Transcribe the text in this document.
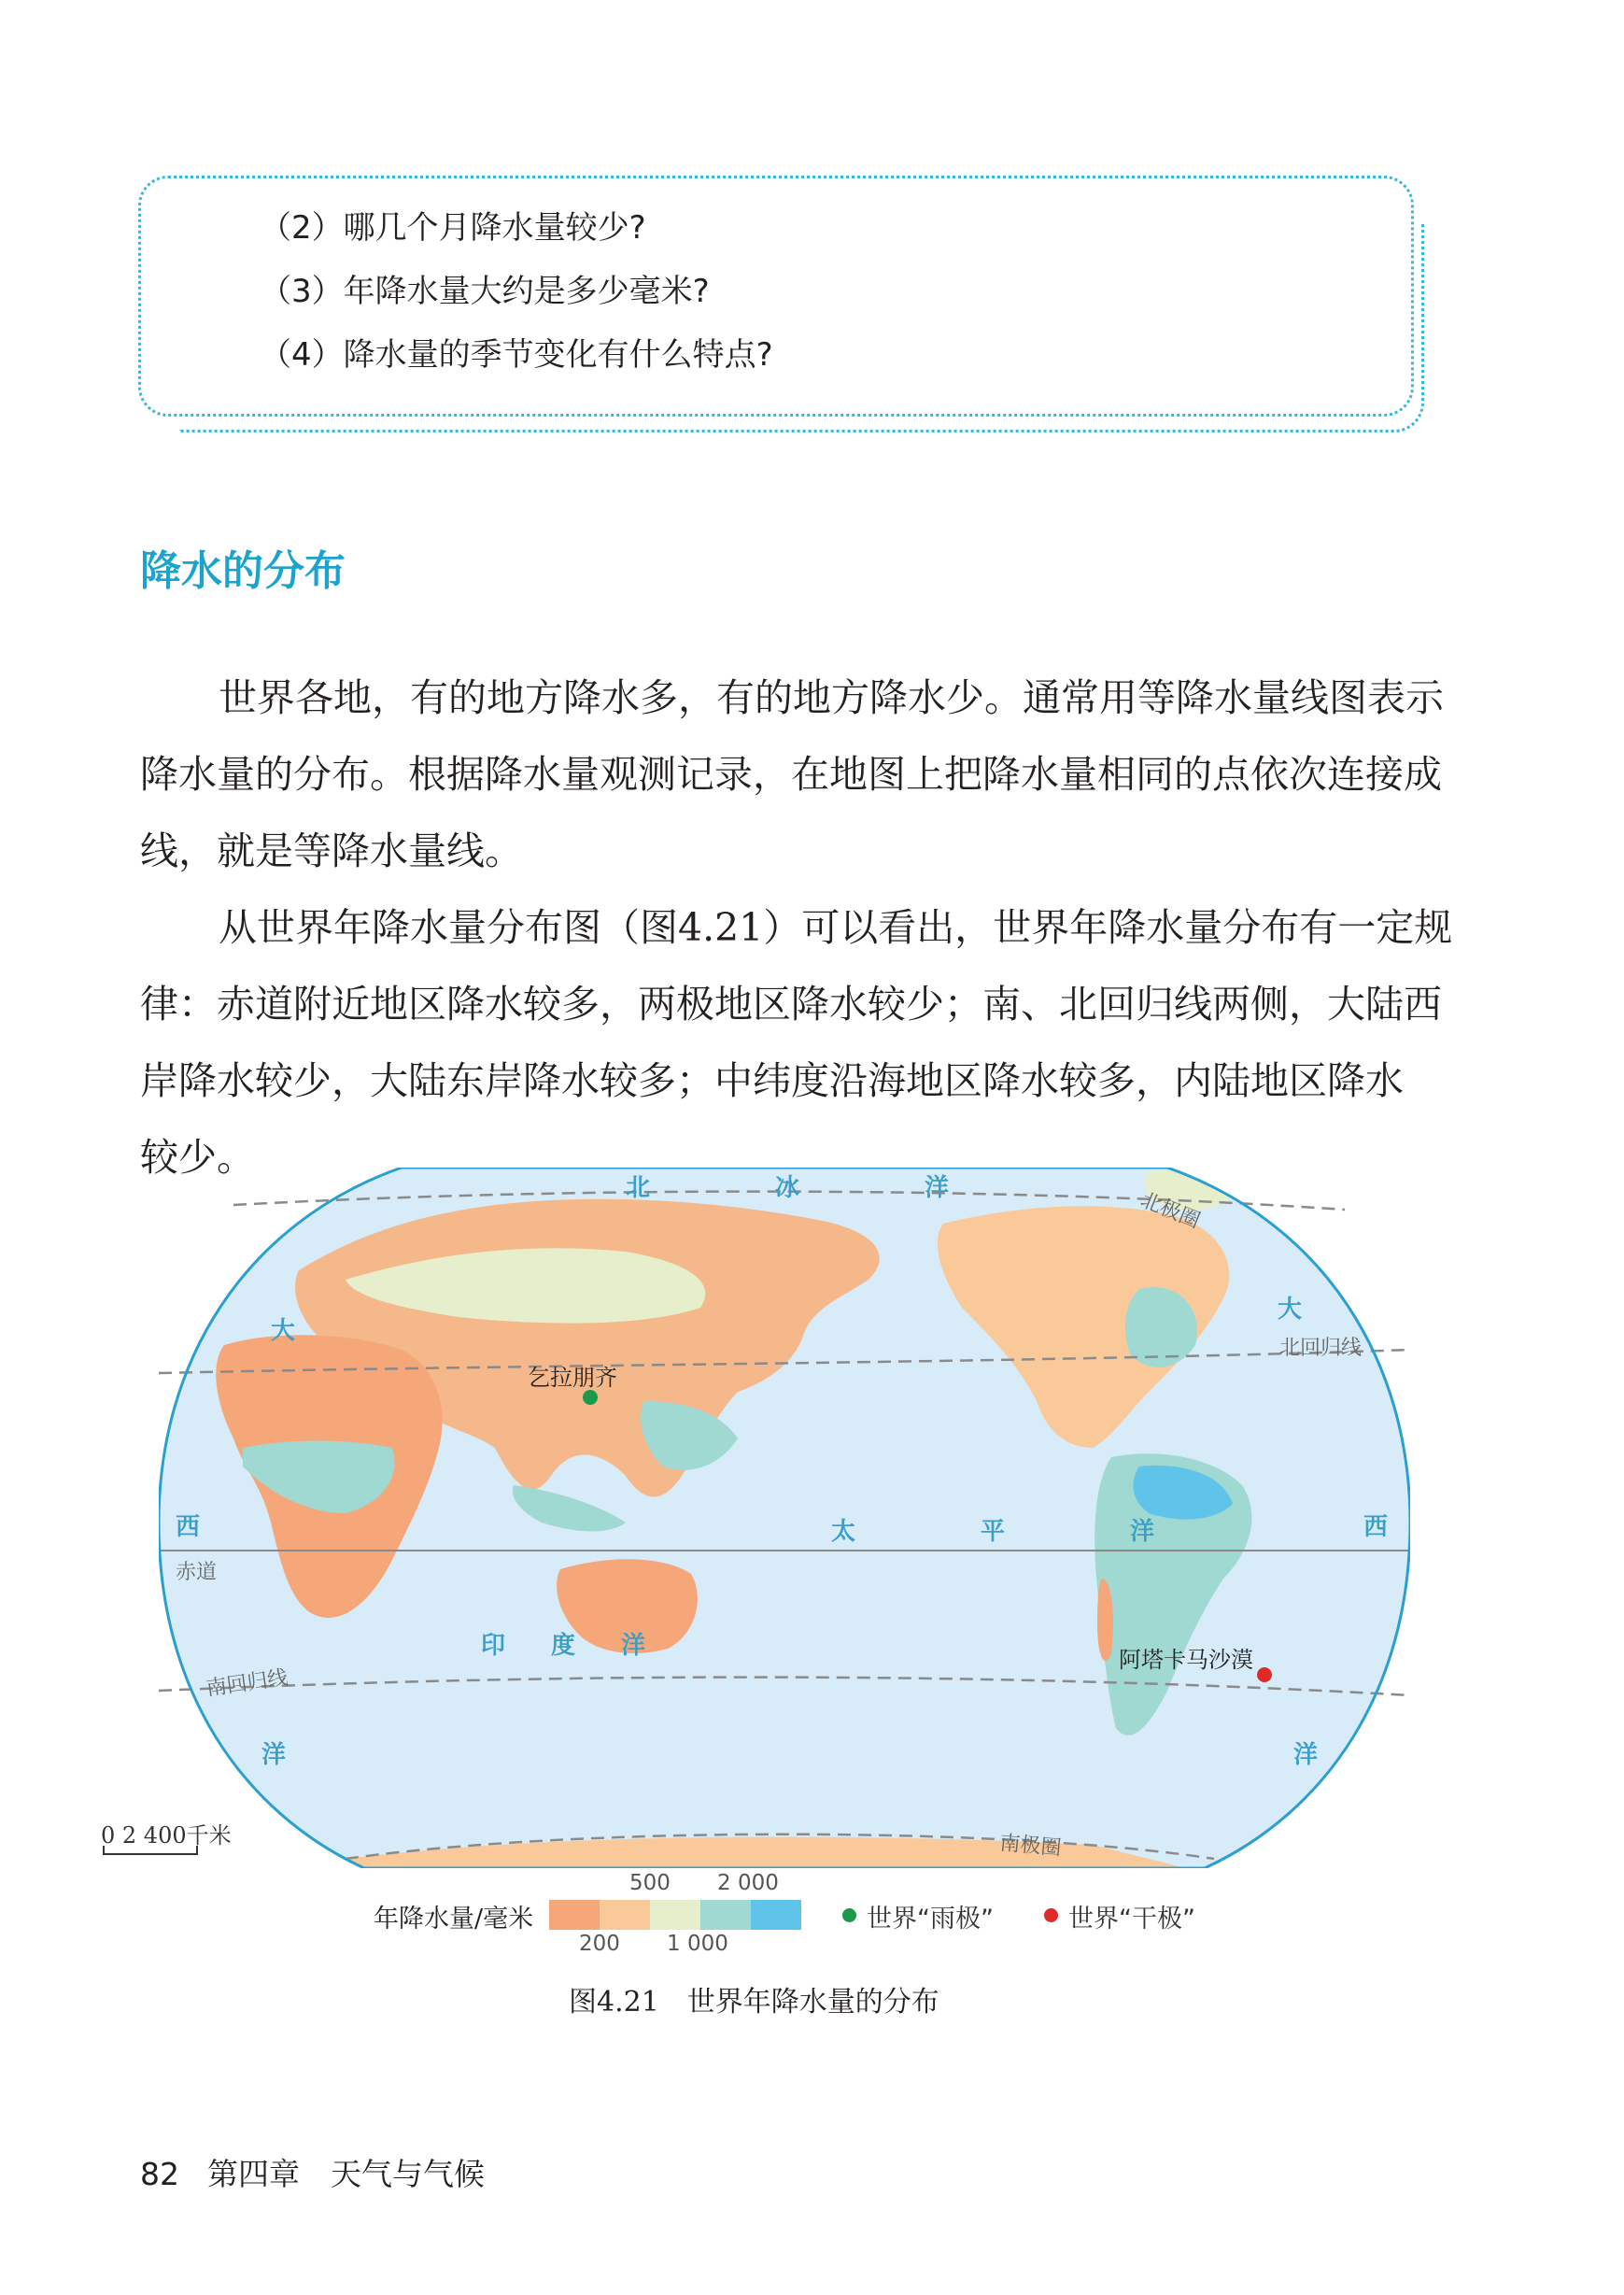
（2）哪几个月降水量较少?
（3）年降水量大约是多少毫米?
（4）降水量的季节变化有什么特点?
降水的分布
世界各地，有的地方降水多，有的地方降水少。通常用等降水量线图表示
降水量的分布。根据降水量观测记录，在地图上把降水量相同的点依次连接成
线，就是等降水量线。
从世界年降水量分布图（图4.21）可以看出，世界年降水量分布有一定规
律：赤道附近地区降水较多，两极地区降水较少；南、北回归线两侧，大陆西
岸降水较少，大陆东岸降水较多；中纬度沿海地区降水较多，内陆地区降水
较少。
北	冰	洋
太	平	洋
印 度 洋
大
西
洋
大
西
洋
北极圈
北回归线
赤道
南回归线
南极圈
乞拉朋齐
阿塔卡马沙漠
0 2 400千米
年降水量/毫米
500 2 000
200 1 000
世界“雨极”	世界“干极”
图4.21　世界年降水量的分布
82 第四章　天气与气候
